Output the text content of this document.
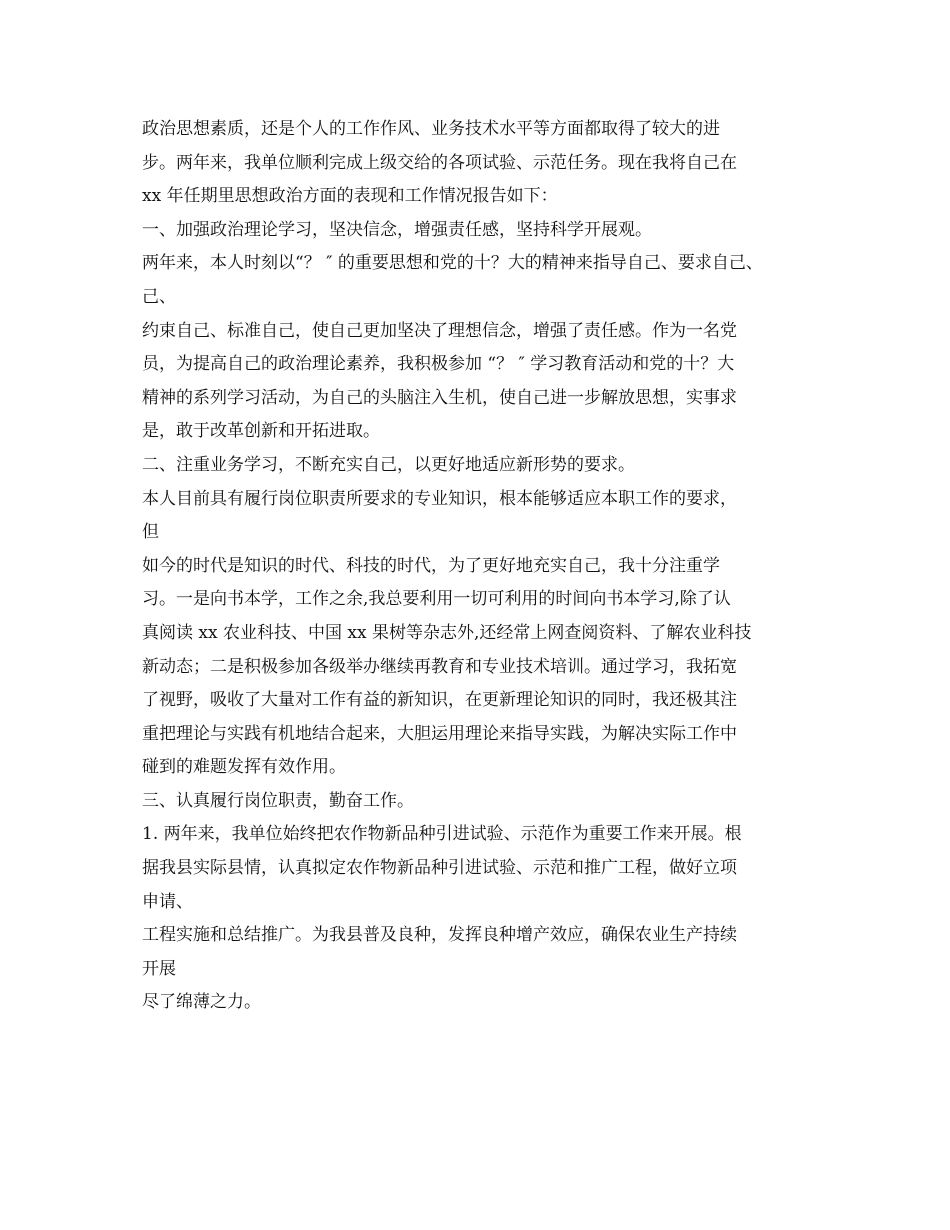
政治思想素质，还是个人的工作作风、业务技术水平等方面都取得了较大的进
步。两年来，我单位顺利完成上级交给的各项试验、示范任务。现在我将自己在
xx 年任期里思想政治方面的表现和工作情况报告如下：
一、加强政治理论学习，坚决信念，增强责任感，坚持科学开展观。
两年来，本人时刻以“？ ″ 的重要思想和党的十？大的精神来指导自己、要求自己、
己、
约束自己、标准自己，使自己更加坚决了理想信念，增强了责任感。作为一名党
员，为提高自己的政治理论素养，我积极参加 “？ ″ 学习教育活动和党的十？大
精神的系列学习活动，为自己的头脑注入生机，使自己进一步解放思想，实事求
是，敢于改革创新和开拓进取。
二、注重业务学习，不断充实自己，以更好地适应新形势的要求。
本人目前具有履行岗位职责所要求的专业知识，根本能够适应本职工作的要求，
但
如今的时代是知识的时代、科技的时代，为了更好地充实自己，我十分注重学
习。一是向书本学，工作之余,我总要利用一切可利用的时间向书本学习,除了认
真阅读 xx 农业科技、中国 xx 果树等杂志外,还经常上网查阅资料、了解农业科技
新动态；二是积极参加各级举办继续再教育和专业技术培训。通过学习，我拓宽
了视野，吸收了大量对工作有益的新知识，在更新理论知识的同时，我还极其注
重把理论与实践有机地结合起来，大胆运用理论来指导实践，为解决实际工作中
碰到的难题发挥有效作用。
三、认真履行岗位职责，勤奋工作。
1. 两年来，我单位始终把农作物新品种引进试验、示范作为重要工作来开展。根
据我县实际县情，认真拟定农作物新品种引进试验、示范和推广工程，做好立项
申请、
工程实施和总结推广。为我县普及良种，发挥良种增产效应，确保农业生产持续
开展
尽了绵薄之力。
